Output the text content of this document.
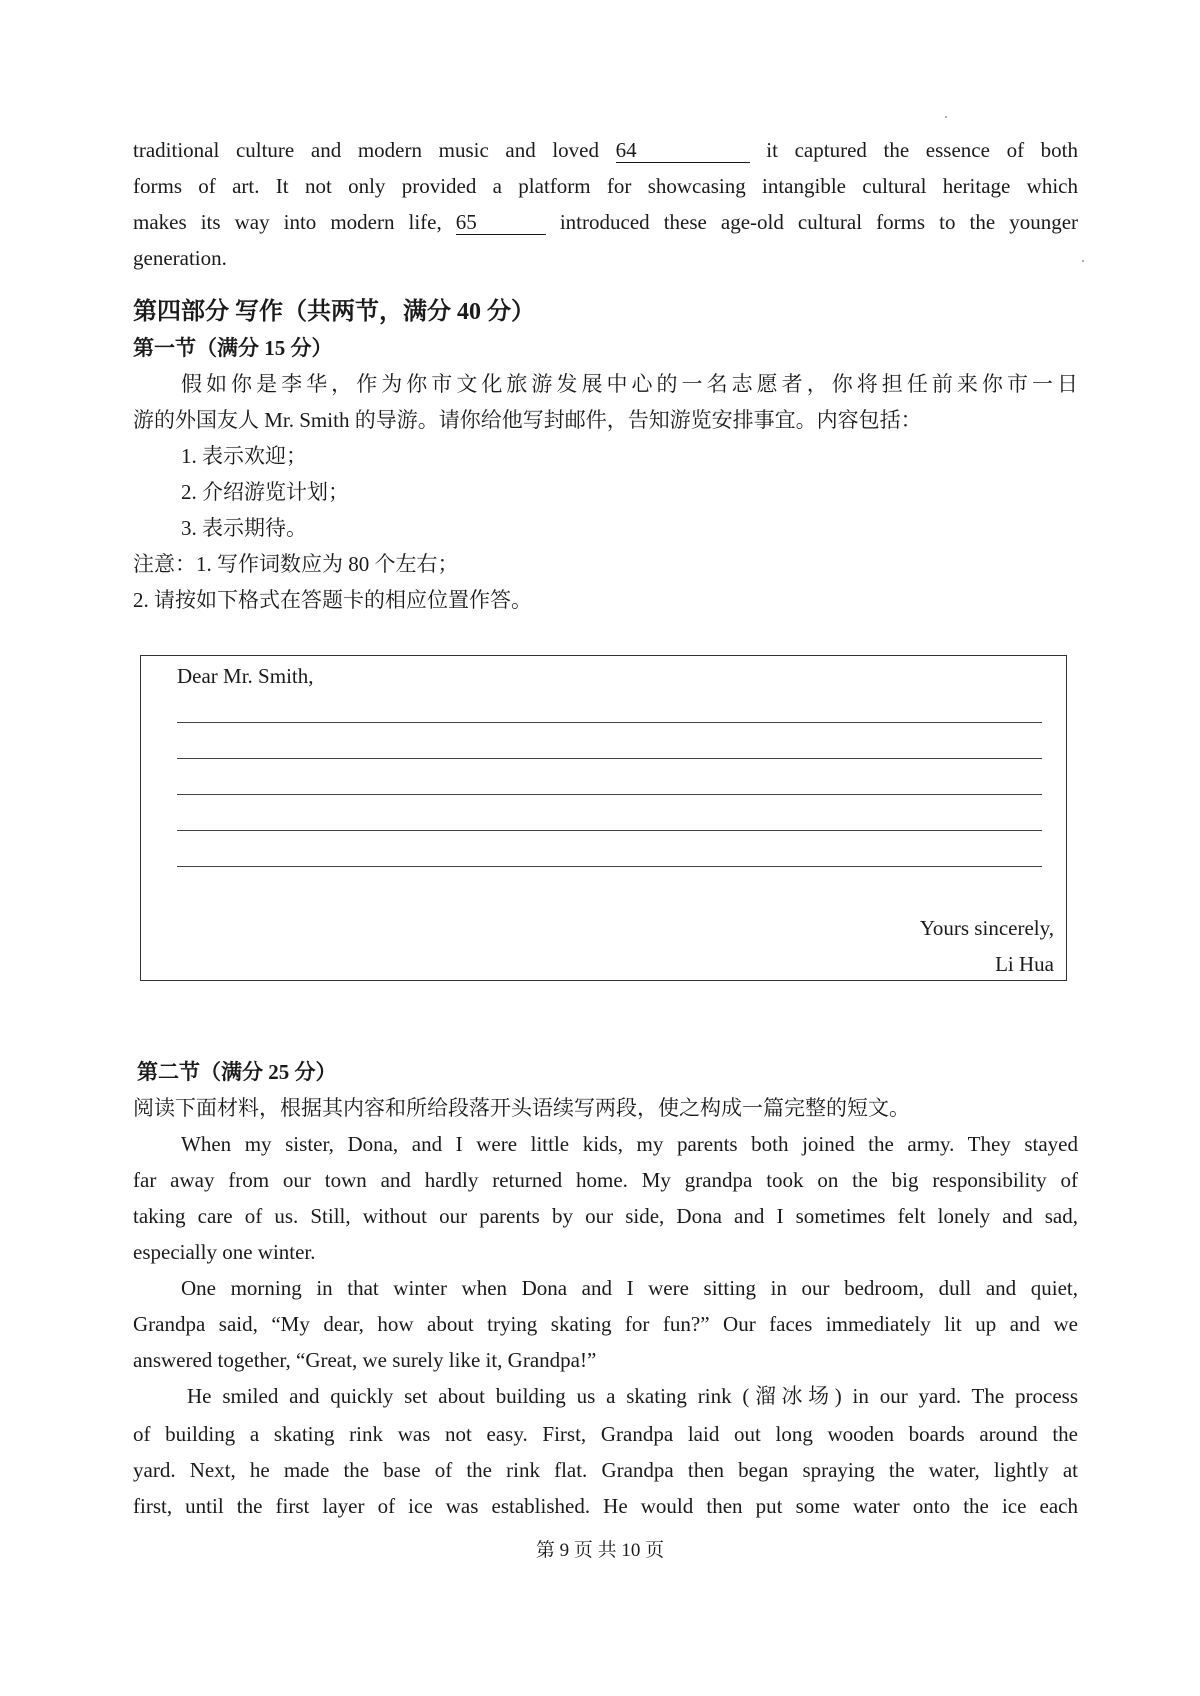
traditional culture and modern music and loved 64	it captured the essence of both
forms of art. It not only provided a platform for showcasing intangible cultural heritage which
makes its way into modern life, 65	introduced these age-old cultural forms to the younger
generation.
第四部分 写作（共两节，满分 40 分）
第一节（满分 15 分）
假如你是李华，作为你市文化旅游发展中心的一名志愿者，你将担任前来你市一日
游的外国友人 Mr. Smith 的导游。请你给他写封邮件，告知游览安排事宜。内容包括：
1. 表示欢迎；
2. 介绍游览计划；
3. 表示期待。
注意：1. 写作词数应为 80 个左右；
2. 请按如下格式在答题卡的相应位置作答。
Dear Mr. Smith,
Yours sincerely,
Li Hua
第二节（满分 25 分）
阅读下面材料，根据其内容和所给段落开头语续写两段，使之构成一篇完整的短文。
When my sister, Dona, and I were little kids, my parents both joined the army. They stayed
far away from our town and hardly returned home. My grandpa took on the big responsibility of
taking care of us. Still, without our parents by our side, Dona and I sometimes felt lonely and sad,
especially one winter.
One morning in that winter when Dona and I were sitting in our bedroom, dull and quiet,
Grandpa said, “My dear, how about trying skating for fun?” Our faces immediately lit up and we
answered together, “Great, we surely like it, Grandpa!”
He smiled and quickly set about building us a skating rink (溜冰场) in our yard. The process
of building a skating rink was not easy. First, Grandpa laid out long wooden boards around the
yard. Next, he made the base of the rink flat. Grandpa then began spraying the water, lightly at
first, until the first layer of ice was established. He would then put some water onto the ice each
第 9 页 共 10 页
